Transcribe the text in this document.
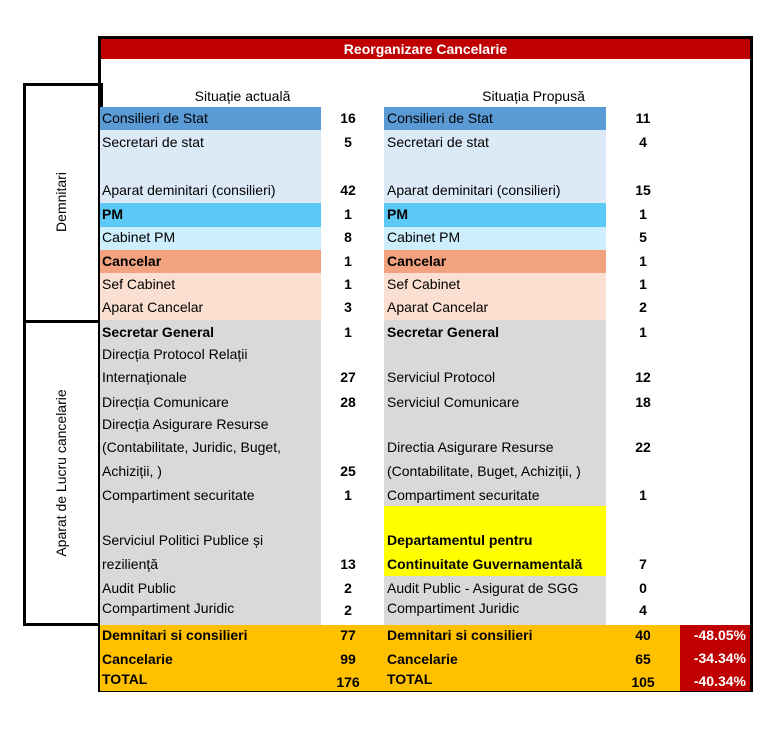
Reorganizare Cancelarie
Situație actuală	Situația Propusă
Demnitari
Aparat de Lucru cancelarie
Consilieri de Stat
Secretari de stat
Aparat deminitari (consilieri)
PM
Cabinet PM
Cancelar
Sef Cabinet
Aparat Cancelar
Secretar General
Direcția Protocol Relații
Internaționale
Direcția Comunicare
Direcția Asigurare Resurse
(Contabilitate, Juridic, Buget,
Achiziții, )
Compartiment securitate
Serviciul Politici Publice și
reziliență
Audit Public
Compartiment Juridic
16
5
42
1
8
1
1
3
1
27
28
25
1
13
2
2
Consilieri de Stat
Secretari de stat
Aparat deminitari (consilieri)
PM
Cabinet PM
Cancelar
Sef Cabinet
Aparat Cancelar
Secretar General
Serviciul Protocol
Serviciul Comunicare
Directia Asigurare Resurse
(Contabilitate, Buget, Achiziții, )
Compartiment securitate
Departamentul pentru
Continuitate Guvernamentală
Audit Public - Asigurat de SGG
Compartiment Juridic
11
4
15
1
5
1
1
2
1
12
18
22
1
7
0
4
Demnitari si consilieri
Cancelarie
TOTAL
77
99
176
Demnitari si consilieri
Cancelarie
TOTAL
40
65
105
-48.05%
-34.34%
-40.34%
